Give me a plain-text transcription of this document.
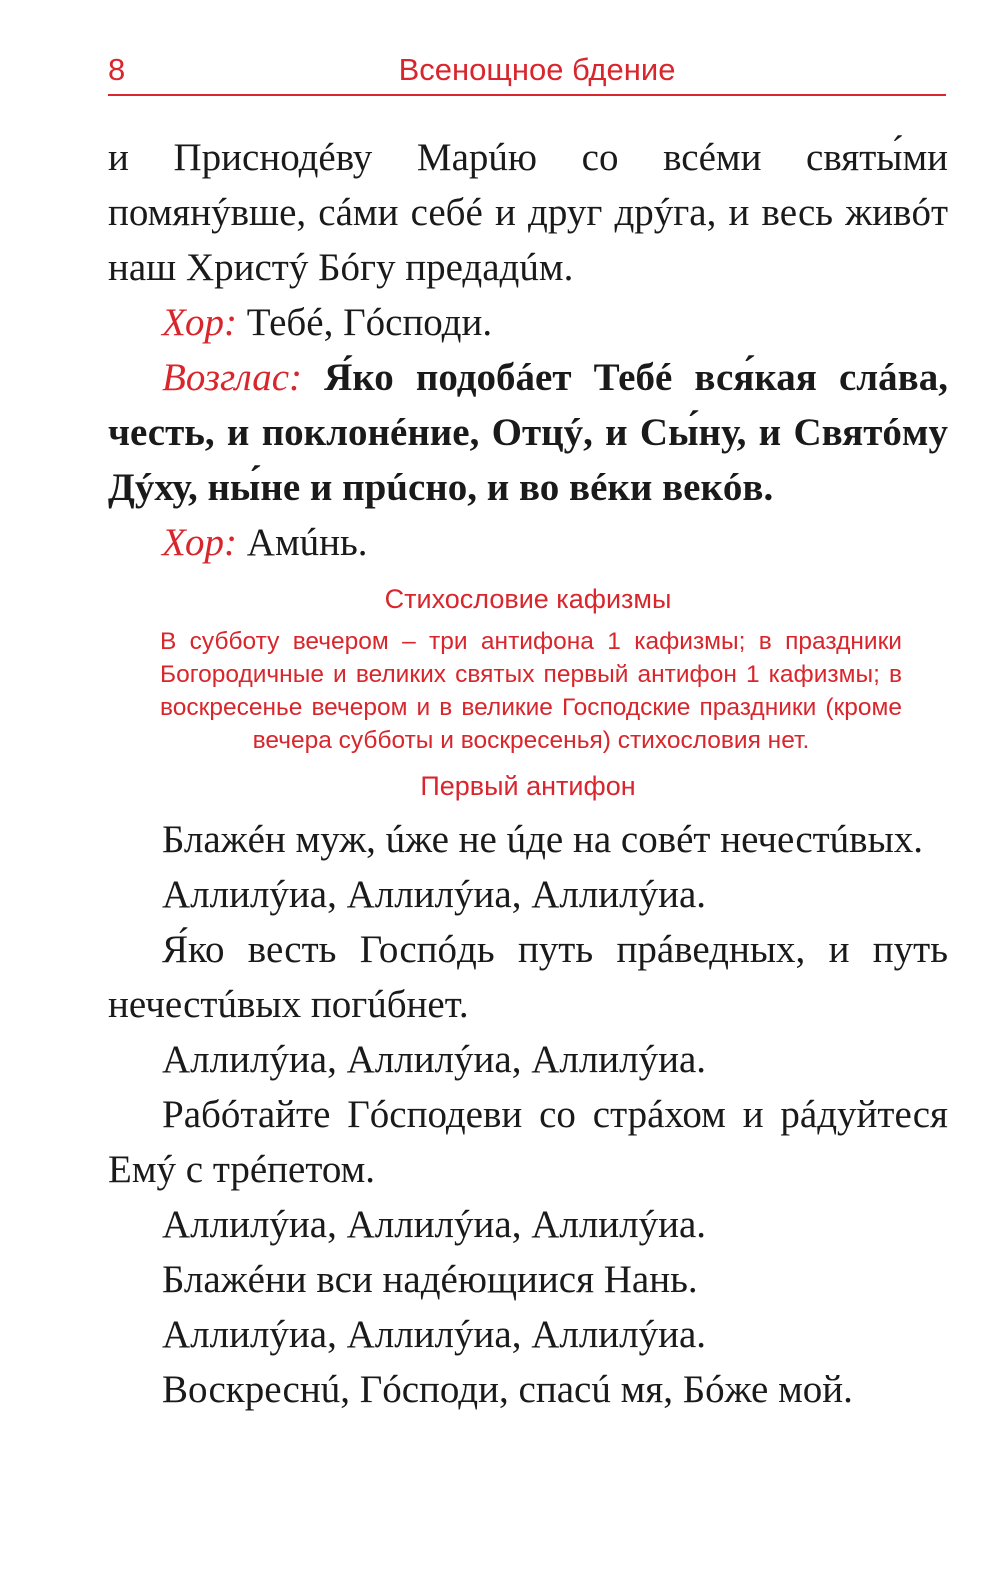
8	Всенощное бдение

и Приснодéву Марúю со всéми святы́ми помянýвше, сáми себé и друг дрýга, и весь живóт наш Христý Бóгу предадúм.

Хор: Тебé, Гóсподи.

Возглас: Я́ко подобáет Тебé вся́кая слáва, честь, и поклонéние, Отцý, и Сы́ну, и Святóму Дýху, ны́не и прúсно, и во вéки векóв.

Хор: Амúнь.

Стихословие кафизмы

В субботу вечером – три антифона 1 кафизмы; в праздники Богородичные и великих святых первый антифон 1 кафизмы; в воскресенье вечером и в великие Господские праздники (кроме вечера субботы и воскресенья) стихословия нет.

Первый антифон

Блажéн муж, úже не úде на совéт нечестúвых.

Аллилýиа, Аллилýиа, Аллилýиа.

Я́ко весть Госпóдь путь прáведных, и путь нечестúвых погúбнет.

Аллилýиа, Аллилýиа, Аллилýиа.

Рабóтайте Гóсподеви со стрáхом и рáдуйтеся Емý с трéпетом.

Аллилýиа, Аллилýиа, Аллилýиа.

Блажéни вси надéющиися Нань.

Аллилýиа, Аллилýиа, Аллилýиа.

Воскреснú, Гóсподи, спасú мя, Бóже мой.
